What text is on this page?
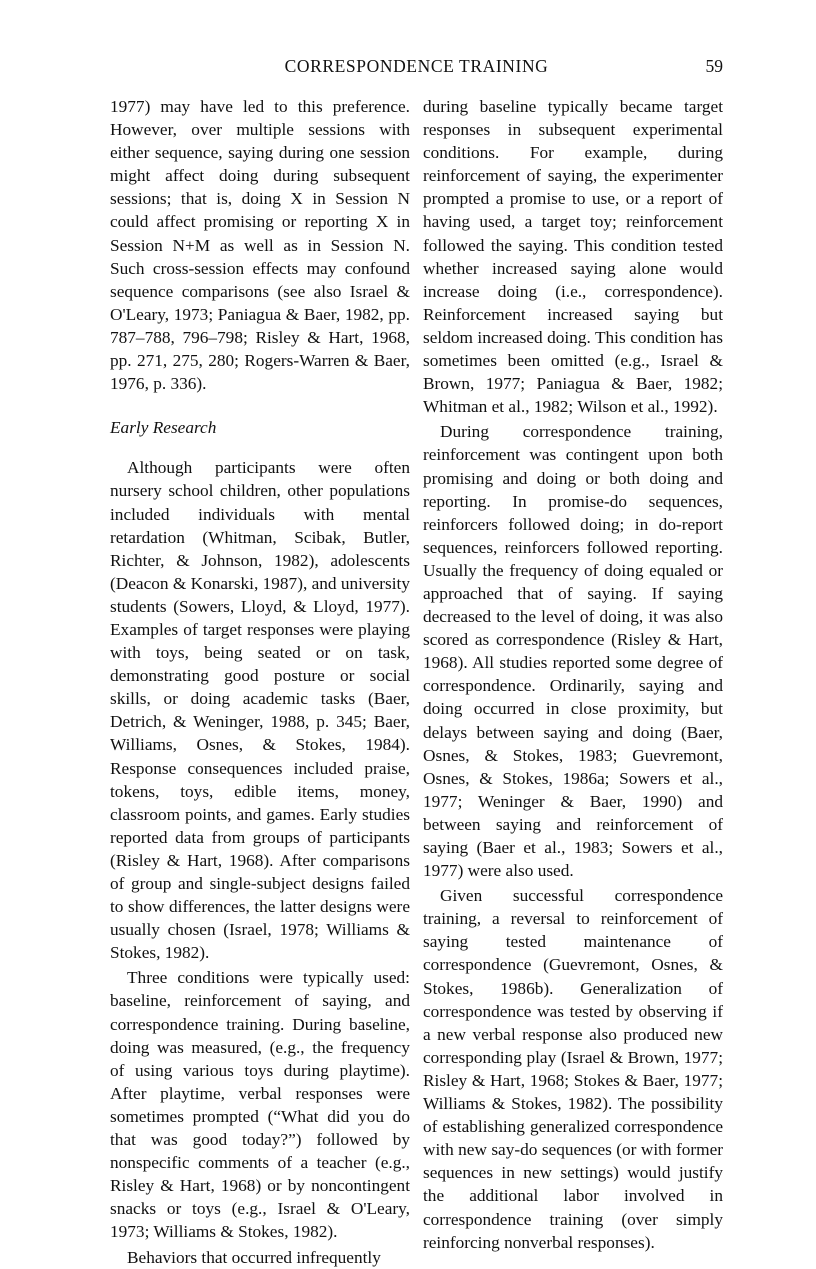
CORRESPONDENCE TRAINING	59

1977) may have led to this preference. However, over multiple sessions with either sequence, saying during one session might affect doing during subsequent sessions; that is, doing X in Session N could affect promising or reporting X in Session N+M as well as in Session N. Such cross-session effects may confound sequence comparisons (see also Israel & O'Leary, 1973; Paniagua & Baer, 1982, pp. 787–788, 796–798; Risley & Hart, 1968, pp. 271, 275, 280; Rogers-Warren & Baer, 1976, p. 336).

Early Research

Although participants were often nursery school children, other populations included individuals with mental retardation (Whitman, Scibak, Butler, Richter, & Johnson, 1982), adolescents (Deacon & Konarski, 1987), and university students (Sowers, Lloyd, & Lloyd, 1977). Examples of target responses were playing with toys, being seated or on task, demonstrating good posture or social skills, or doing academic tasks (Baer, Detrich, & Weninger, 1988, p. 345; Baer, Williams, Osnes, & Stokes, 1984). Response consequences included praise, tokens, toys, edible items, money, classroom points, and games. Early studies reported data from groups of participants (Risley & Hart, 1968). After comparisons of group and single-subject designs failed to show differences, the latter designs were usually chosen (Israel, 1978; Williams & Stokes, 1982).

Three conditions were typically used: baseline, reinforcement of saying, and correspondence training. During baseline, doing was measured, (e.g., the frequency of using various toys during playtime). After playtime, verbal responses were sometimes prompted (“What did you do that was good today?”) followed by nonspecific comments of a teacher (e.g., Risley & Hart, 1968) or by noncontingent snacks or toys (e.g., Israel & O'Leary, 1973; Williams & Stokes, 1982).

Behaviors that occurred infrequently

during baseline typically became target responses in subsequent experimental conditions. For example, during reinforcement of saying, the experimenter prompted a promise to use, or a report of having used, a target toy; reinforcement followed the saying. This condition tested whether increased saying alone would increase doing (i.e., correspondence). Reinforcement increased saying but seldom increased doing. This condition has sometimes been omitted (e.g., Israel & Brown, 1977; Paniagua & Baer, 1982; Whitman et al., 1982; Wilson et al., 1992).

During correspondence training, reinforcement was contingent upon both promising and doing or both doing and reporting. In promise-do sequences, reinforcers followed doing; in do-report sequences, reinforcers followed reporting. Usually the frequency of doing equaled or approached that of saying. If saying decreased to the level of doing, it was also scored as correspondence (Risley & Hart, 1968). All studies reported some degree of correspondence. Ordinarily, saying and doing occurred in close proximity, but delays between saying and doing (Baer, Osnes, & Stokes, 1983; Guevremont, Osnes, & Stokes, 1986a; Sowers et al., 1977; Weninger & Baer, 1990) and between saying and reinforcement of saying (Baer et al., 1983; Sowers et al., 1977) were also used.

Given successful correspondence training, a reversal to reinforcement of saying tested maintenance of correspondence (Guevremont, Osnes, & Stokes, 1986b). Generalization of correspondence was tested by observing if a new verbal response also produced new corresponding play (Israel & Brown, 1977; Risley & Hart, 1968; Stokes & Baer, 1977; Williams & Stokes, 1982). The possibility of establishing generalized correspondence with new say-do sequences (or with former sequences in new settings) would justify the additional labor involved in correspondence training (over simply reinforcing nonverbal responses).
